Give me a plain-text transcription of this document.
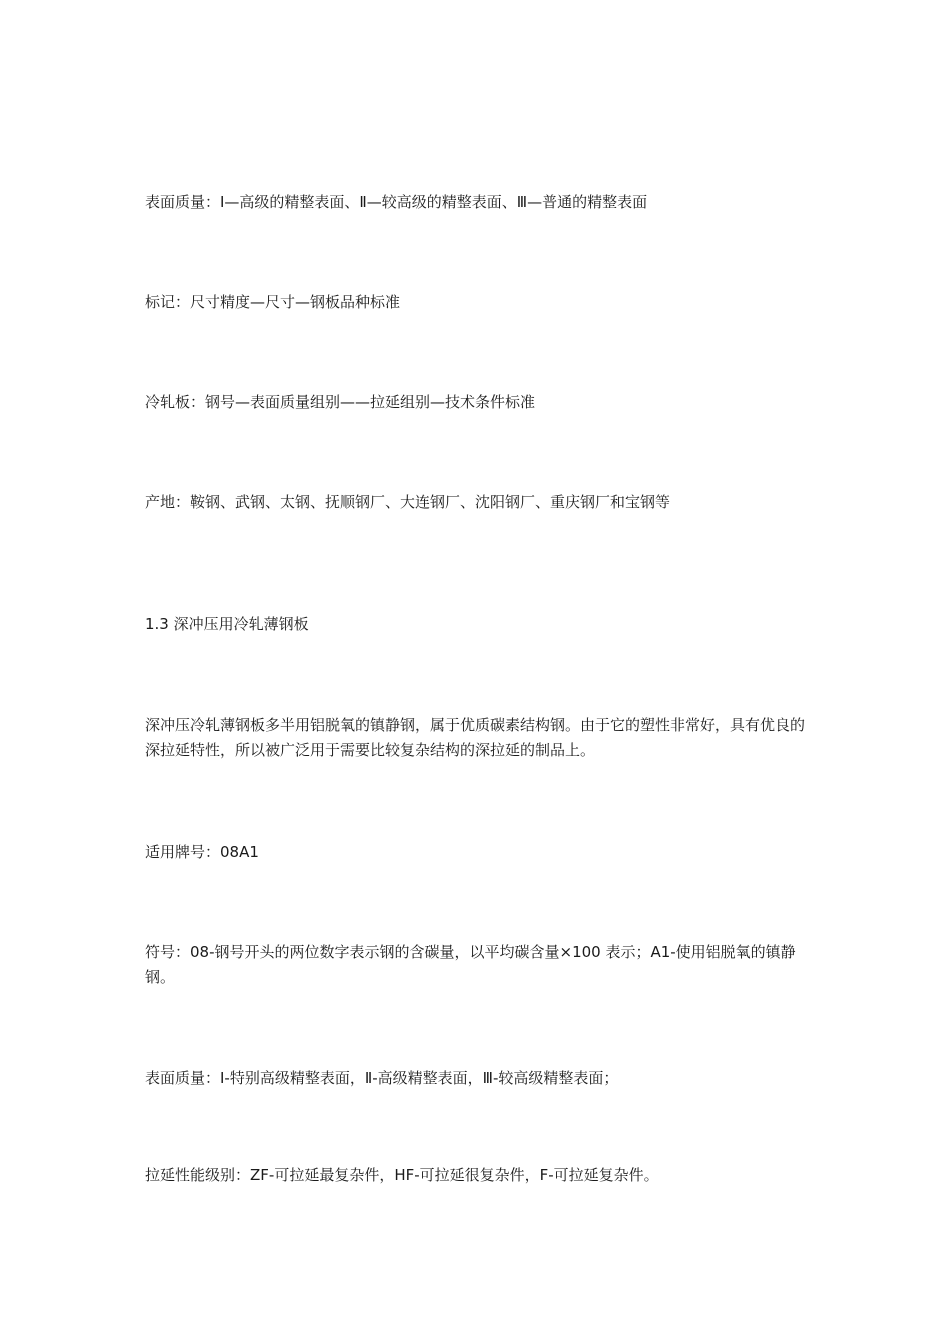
表面质量：Ⅰ—高级的精整表面、Ⅱ—较高级的精整表面、Ⅲ—普通的精整表面

标记：尺寸精度—尺寸—钢板品种标准

冷轧板：钢号—表面质量组别——拉延组别—技术条件标准

产地：鞍钢、武钢、太钢、抚顺钢厂、大连钢厂、沈阳钢厂、重庆钢厂和宝钢等

1.3 深冲压用冷轧薄钢板

深冲压冷轧薄钢板多半用铝脱氧的镇静钢，属于优质碳素结构钢。由于它的塑性非常好，具有优良的深拉延特性，所以被广泛用于需要比较复杂结构的深拉延的制品上。

适用牌号：08A1

符号：08-钢号开头的两位数字表示钢的含碳量，以平均碳含量×100 表示；A1-使用铝脱氧的镇静钢。

表面质量：Ⅰ-特别高级精整表面，Ⅱ-高级精整表面，Ⅲ-较高级精整表面；

拉延性能级别：ZF-可拉延最复杂件，HF-可拉延很复杂件，F-可拉延复杂件。
